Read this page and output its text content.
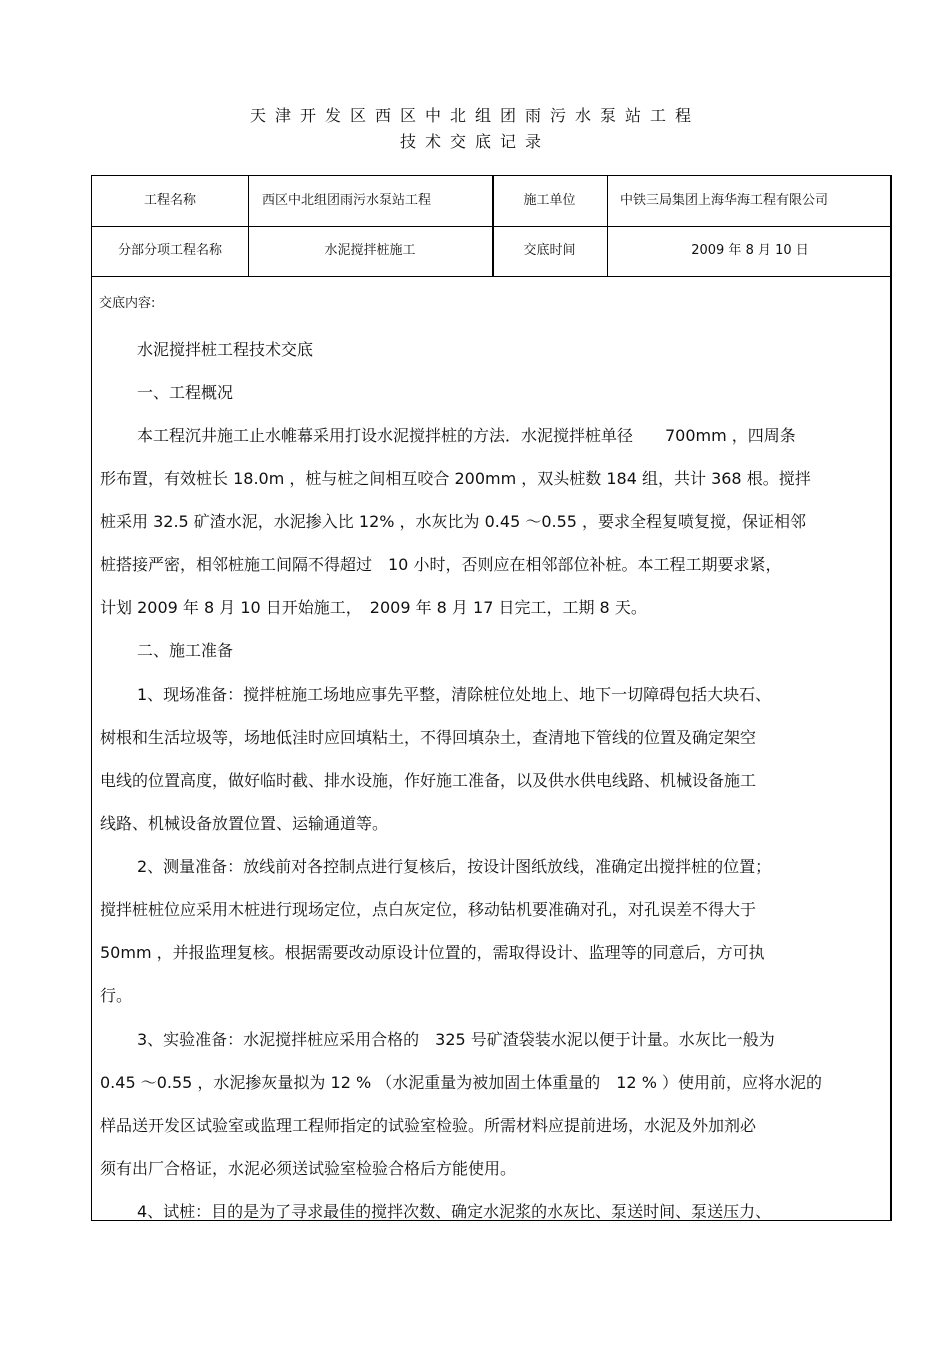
天津开发区西区中北组团雨污水泵站工程
技术交底记录
工程名称	西区中北组团雨污水泵站工程	施工单位	中铁三局集团上海华海工程有限公司
分部分项工程名称	水泥搅拌桩施工	交底时间	2009 年 8 月 10 日
交底内容:
水泥搅拌桩工程技术交底
一、工程概况
本工程沉井施工止水帷幕采用打设水泥搅拌桩的方法．水泥搅拌桩单径　　700mm ，四周条
形布置，有效桩长 18.0m ，桩与桩之间相互咬合 200mm ，双头桩数 184 组，共计 368 根。搅拌
桩采用 32.5 矿渣水泥，水泥掺入比 12% ，水灰比为 0.45 ～0.55 ，要求全程复喷复搅，保证相邻
桩搭接严密，相邻桩施工间隔不得超过　10 小时，否则应在相邻部位补桩。本工程工期要求紧，
计划 2009 年 8 月 10 日开始施工，　2009 年 8 月 17 日完工，工期 8 天。
二、施工准备
1、现场准备：搅拌桩施工场地应事先平整，清除桩位处地上、地下一切障碍包括大块石、
树根和生活垃圾等，场地低洼时应回填粘土，不得回填杂土，查清地下管线的位置及确定架空
电线的位置高度，做好临时截、排水设施，作好施工准备，以及供水供电线路、机械设备施工
线路、机械设备放置位置、运输通道等。
2、测量准备：放线前对各控制点进行复核后，按设计图纸放线，准确定出搅拌桩的位置；
搅拌桩桩位应采用木桩进行现场定位，点白灰定位，移动钻机要准确对孔，对孔误差不得大于
50mm ，并报监理复核。根据需要改动原设计位置的，需取得设计、监理等的同意后，方可执
行。
3、实验准备：水泥搅拌桩应采用合格的　325 号矿渣袋装水泥以便于计量。水灰比一般为
0.45 ～0.55 ，水泥掺灰量拟为 12 % （水泥重量为被加固土体重量的　12 % ）使用前，应将水泥的
样品送开发区试验室或监理工程师指定的试验室检验。所需材料应提前进场，水泥及外加剂必
须有出厂合格证，水泥必须送试验室检验合格后方能使用。
4、试桩：目的是为了寻求最佳的搅拌次数、确定水泥浆的水灰比、泵送时间、泵送压力、
